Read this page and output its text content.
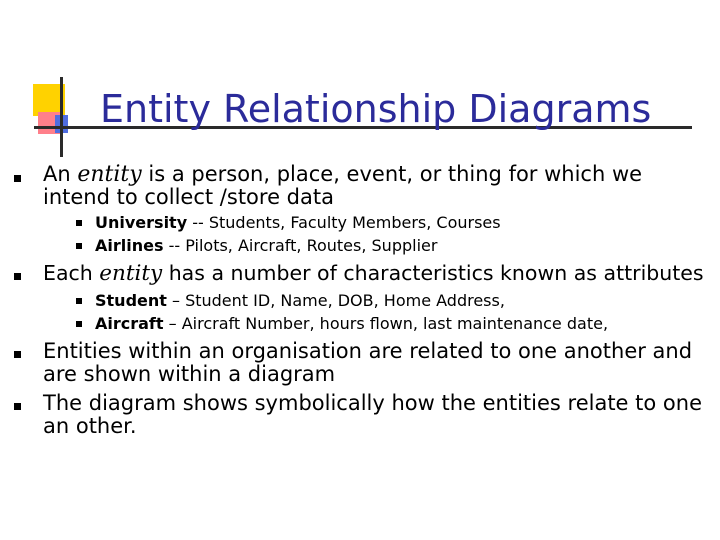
Entity Relationship Diagrams
An entity is a person, place, event, or thing for which we
intend to collect /store data
University -- Students, Faculty Members, Courses
Airlines -- Pilots, Aircraft, Routes, Supplier
Each entity has a number of characteristics known as attributes
Student – Student ID, Name, DOB, Home Address,
Aircraft – Aircraft Number, hours flown, last maintenance date,
Entities within an organisation are related to one another and
are shown within a diagram
The diagram shows symbolically how the entities relate to one
an other.
